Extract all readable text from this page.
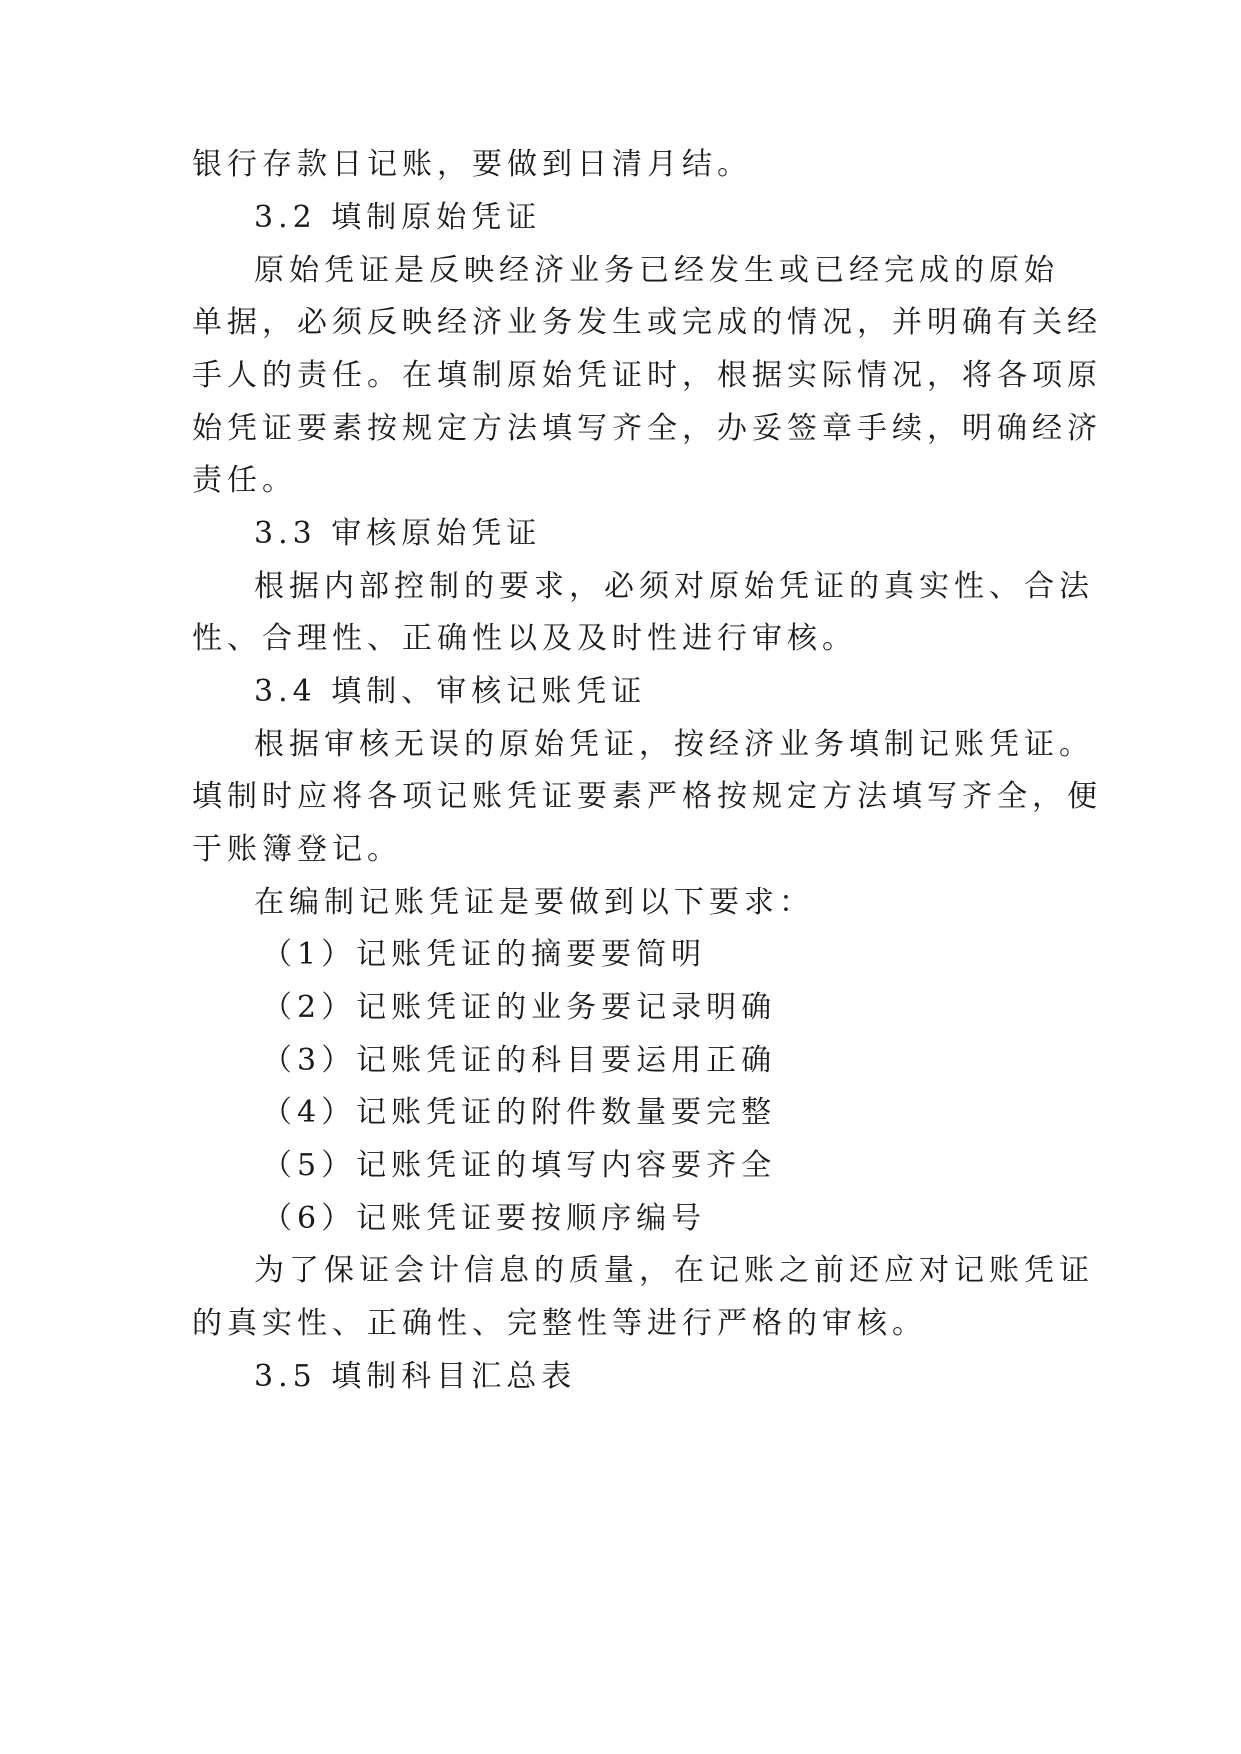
银行存款日记账，要做到日清月结。
3.2 填制原始凭证
原始凭证是反映经济业务已经发生或已经完成的原始
单据，必须反映经济业务发生或完成的情况，并明确有关经
手人的责任。在填制原始凭证时，根据实际情况，将各项原
始凭证要素按规定方法填写齐全，办妥签章手续，明确经济
责任。
3.3 审核原始凭证
根据内部控制的要求，必须对原始凭证的真实性、合法
性、合理性、正确性以及及时性进行审核。
3.4 填制、审核记账凭证
根据审核无误的原始凭证，按经济业务填制记账凭证。
填制时应将各项记账凭证要素严格按规定方法填写齐全，便
于账簿登记。
在编制记账凭证是要做到以下要求：
（1）记账凭证的摘要要简明
（2）记账凭证的业务要记录明确
（3）记账凭证的科目要运用正确
（4）记账凭证的附件数量要完整
（5）记账凭证的填写内容要齐全
（6）记账凭证要按顺序编号
为了保证会计信息的质量，在记账之前还应对记账凭证
的真实性、正确性、完整性等进行严格的审核。
3.5 填制科目汇总表
